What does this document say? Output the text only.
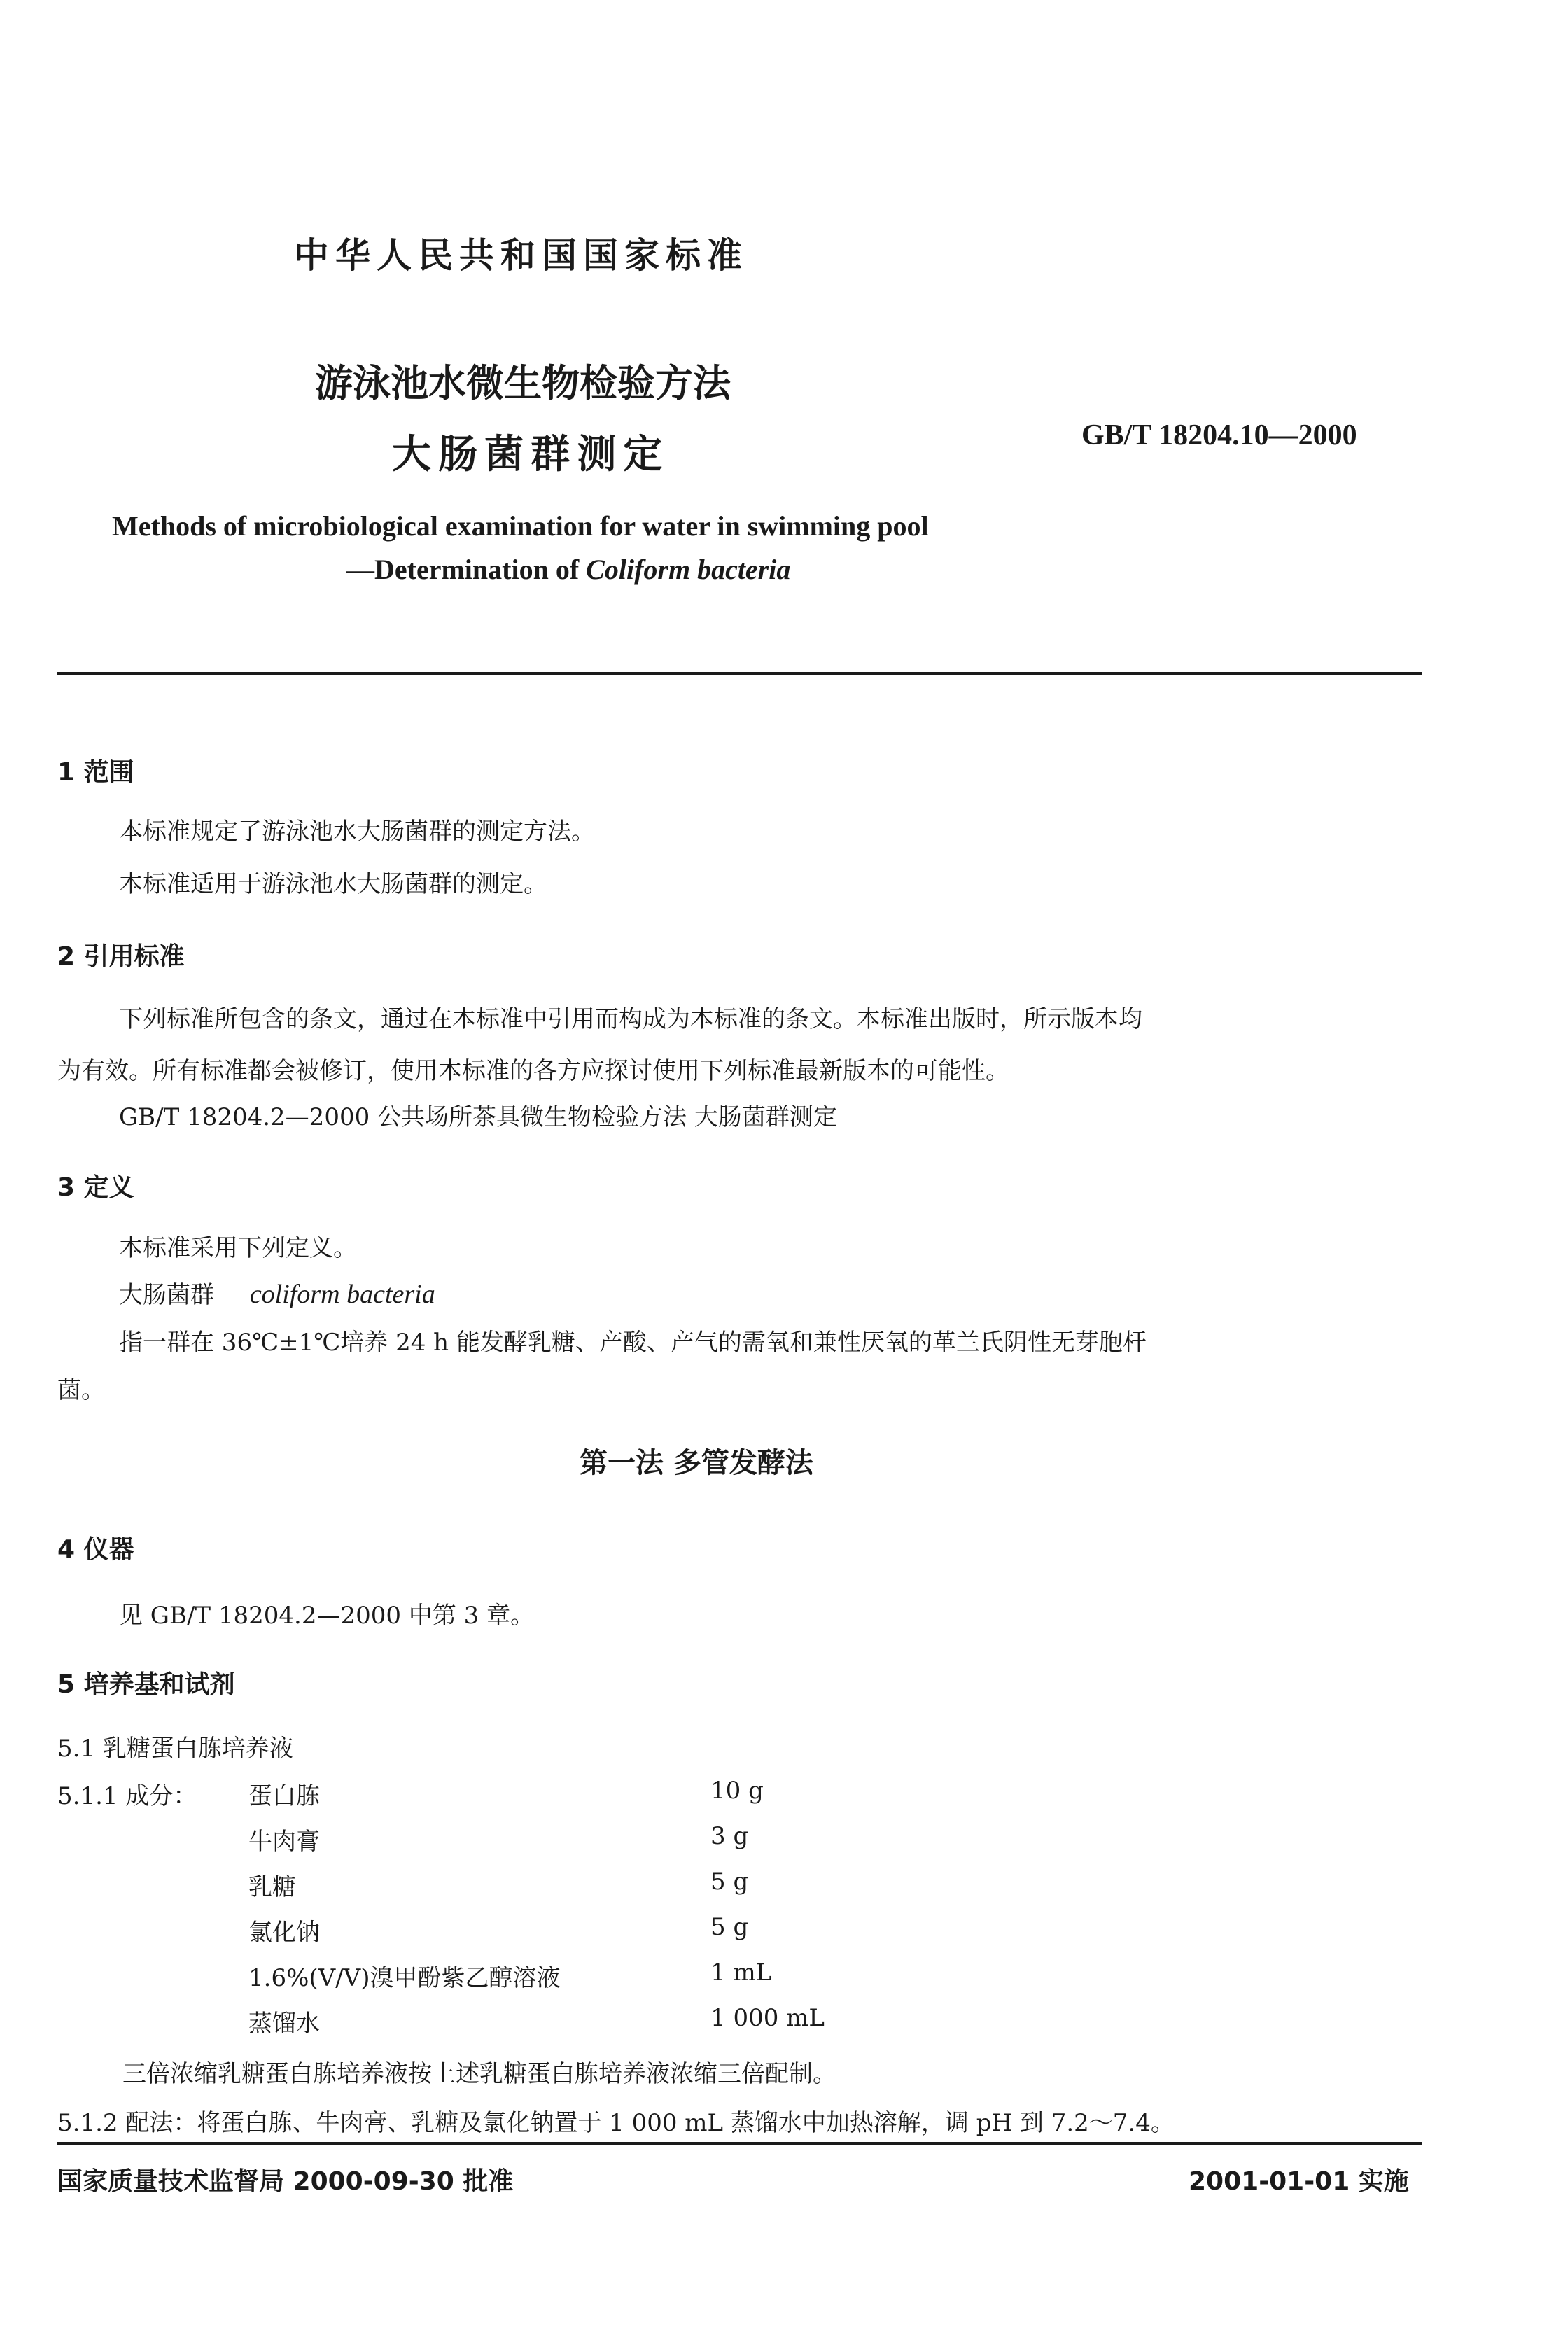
中华人民共和国国家标准
游泳池水微生物检验方法
大肠菌群测定	GB/T 18204.10—2000
Methods of microbiological examination for water in swimming pool
—Determination of Coliform bacteria
1 范围
本标准规定了游泳池水大肠菌群的测定方法。
本标准适用于游泳池水大肠菌群的测定。
2 引用标准
下列标准所包含的条文，通过在本标准中引用而构成为本标准的条文。本标准出版时，所示版本均
为有效。所有标准都会被修订，使用本标准的各方应探讨使用下列标准最新版本的可能性。
GB/T 18204.2—2000 公共场所茶具微生物检验方法 大肠菌群测定
3 定义
本标准采用下列定义。
大肠菌群 coliform bacteria
指一群在 36℃±1℃培养 24 h 能发酵乳糖、产酸、产气的需氧和兼性厌氧的革兰氏阴性无芽胞杆
菌。
第一法 多管发酵法
4 仪器
见 GB/T 18204.2—2000 中第 3 章。
5 培养基和试剂
5.1 乳糖蛋白胨培养液
5.1.1 成分： 蛋白胨	10 g
牛肉膏	3 g
乳糖	5 g
氯化钠	5 g
1.6%(V/V)溴甲酚紫乙醇溶液	1 mL
蒸馏水	1 000 mL
三倍浓缩乳糖蛋白胨培养液按上述乳糖蛋白胨培养液浓缩三倍配制。
5.1.2 配法：将蛋白胨、牛肉膏、乳糖及氯化钠置于 1 000 mL 蒸馏水中加热溶解，调 pH 到 7.2～7.4。
国家质量技术监督局 2000-09-30 批准	2001-01-01 实施
